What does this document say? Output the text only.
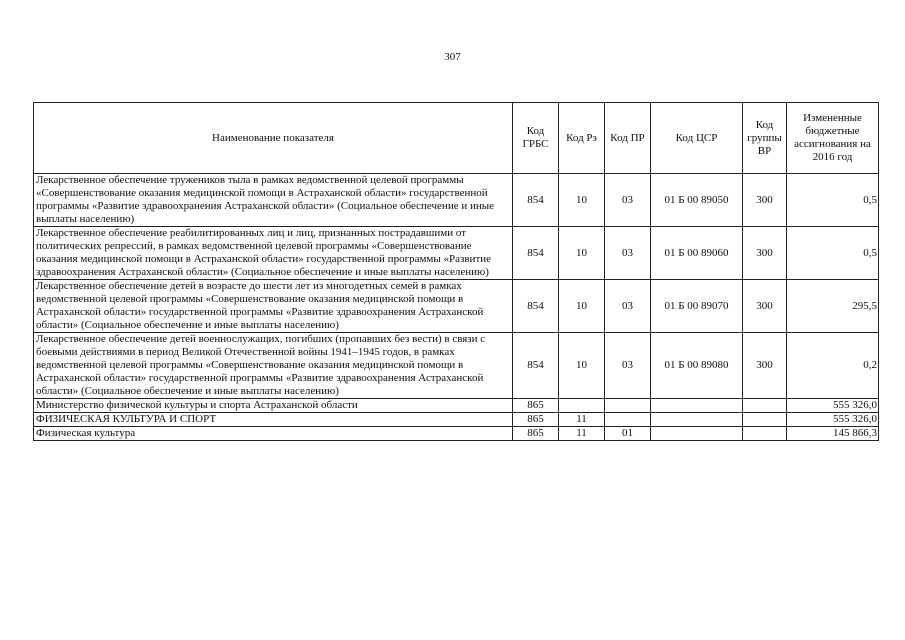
307
Наименование показателя	Код ГРБС	Код Рз	Код ПР	Код ЦСР	Код группы ВР	Измененные бюджетные ассигнования на 2016 год
Лекарственное обеспечение тружеников тыла в рамках ведомственной целевой программы «Совершенствование оказания медицинской помощи в Астраханской области» государственной программы «Развитие здравоохранения Астраханской области» (Социальное обеспечение и иные выплаты населению)	854	10	03	01 Б 00 89050	300	0,5
Лекарственное обеспечение реабилитированных лиц и лиц, признанных пострадавшими от политических репрессий, в рамках ведомственной целевой программы «Совершенствование оказания медицинской помощи в Астраханской области» государственной программы «Развитие здравоохранения Астраханской области» (Социальное обеспечение и иные выплаты населению)	854	10	03	01 Б 00 89060	300	0,5
Лекарственное обеспечение детей в возрасте до шести лет из многодетных семей в рамках ведомственной целевой программы «Совершенствование оказания медицинской помощи в Астраханской области» государственной программы «Развитие здравоохранения Астраханской области» (Социальное обеспечение и иные выплаты населению)	854	10	03	01 Б 00 89070	300	295,5
Лекарственное обеспечение детей военнослужащих, погибших (пропавших без вести) в связи с боевыми действиями в период Великой Отечественной войны 1941–1945 годов, в рамках ведомственной целевой программы «Совершенствование оказания медицинской помощи в Астраханской области» государственной программы «Развитие здравоохранения Астраханской области» (Социальное обеспечение и иные выплаты населению)	854	10	03	01 Б 00 89080	300	0,2
Министерство физической культуры и спорта Астраханской области	865					555 326,0
ФИЗИЧЕСКАЯ КУЛЬТУРА И СПОРТ	865	11				555 326,0
Физическая культура	865	11	01			145 866,3
